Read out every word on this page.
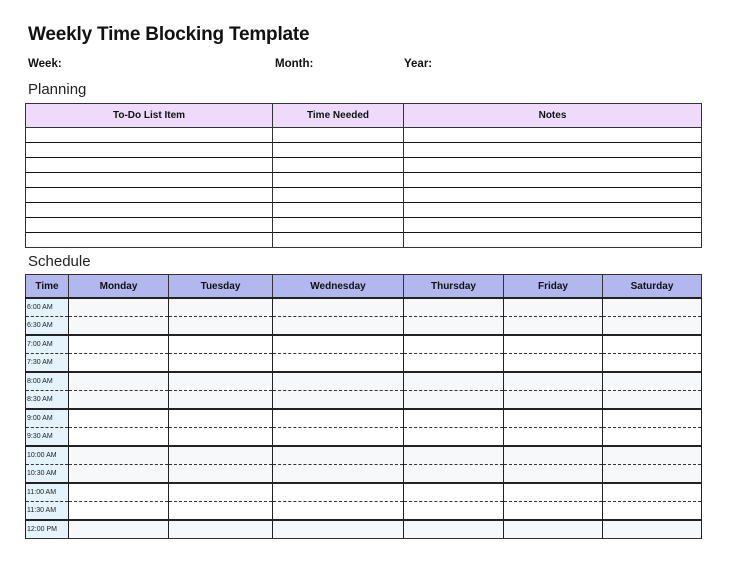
Weekly Time Blocking Template
Week:	Month:	Year:
Planning
To-Do List Item	Time Needed	Notes

Schedule
Time	Monday	Tuesday	Wednesday	Thursday	Friday	Saturday
6:00 AM						
6:30 AM						
7:00 AM						
7:30 AM						
8:00 AM						
8:30 AM						
9:00 AM						
9:30 AM						
10:00 AM						
10:30 AM						
11:00 AM						
11:30 AM						
12:00 PM						
